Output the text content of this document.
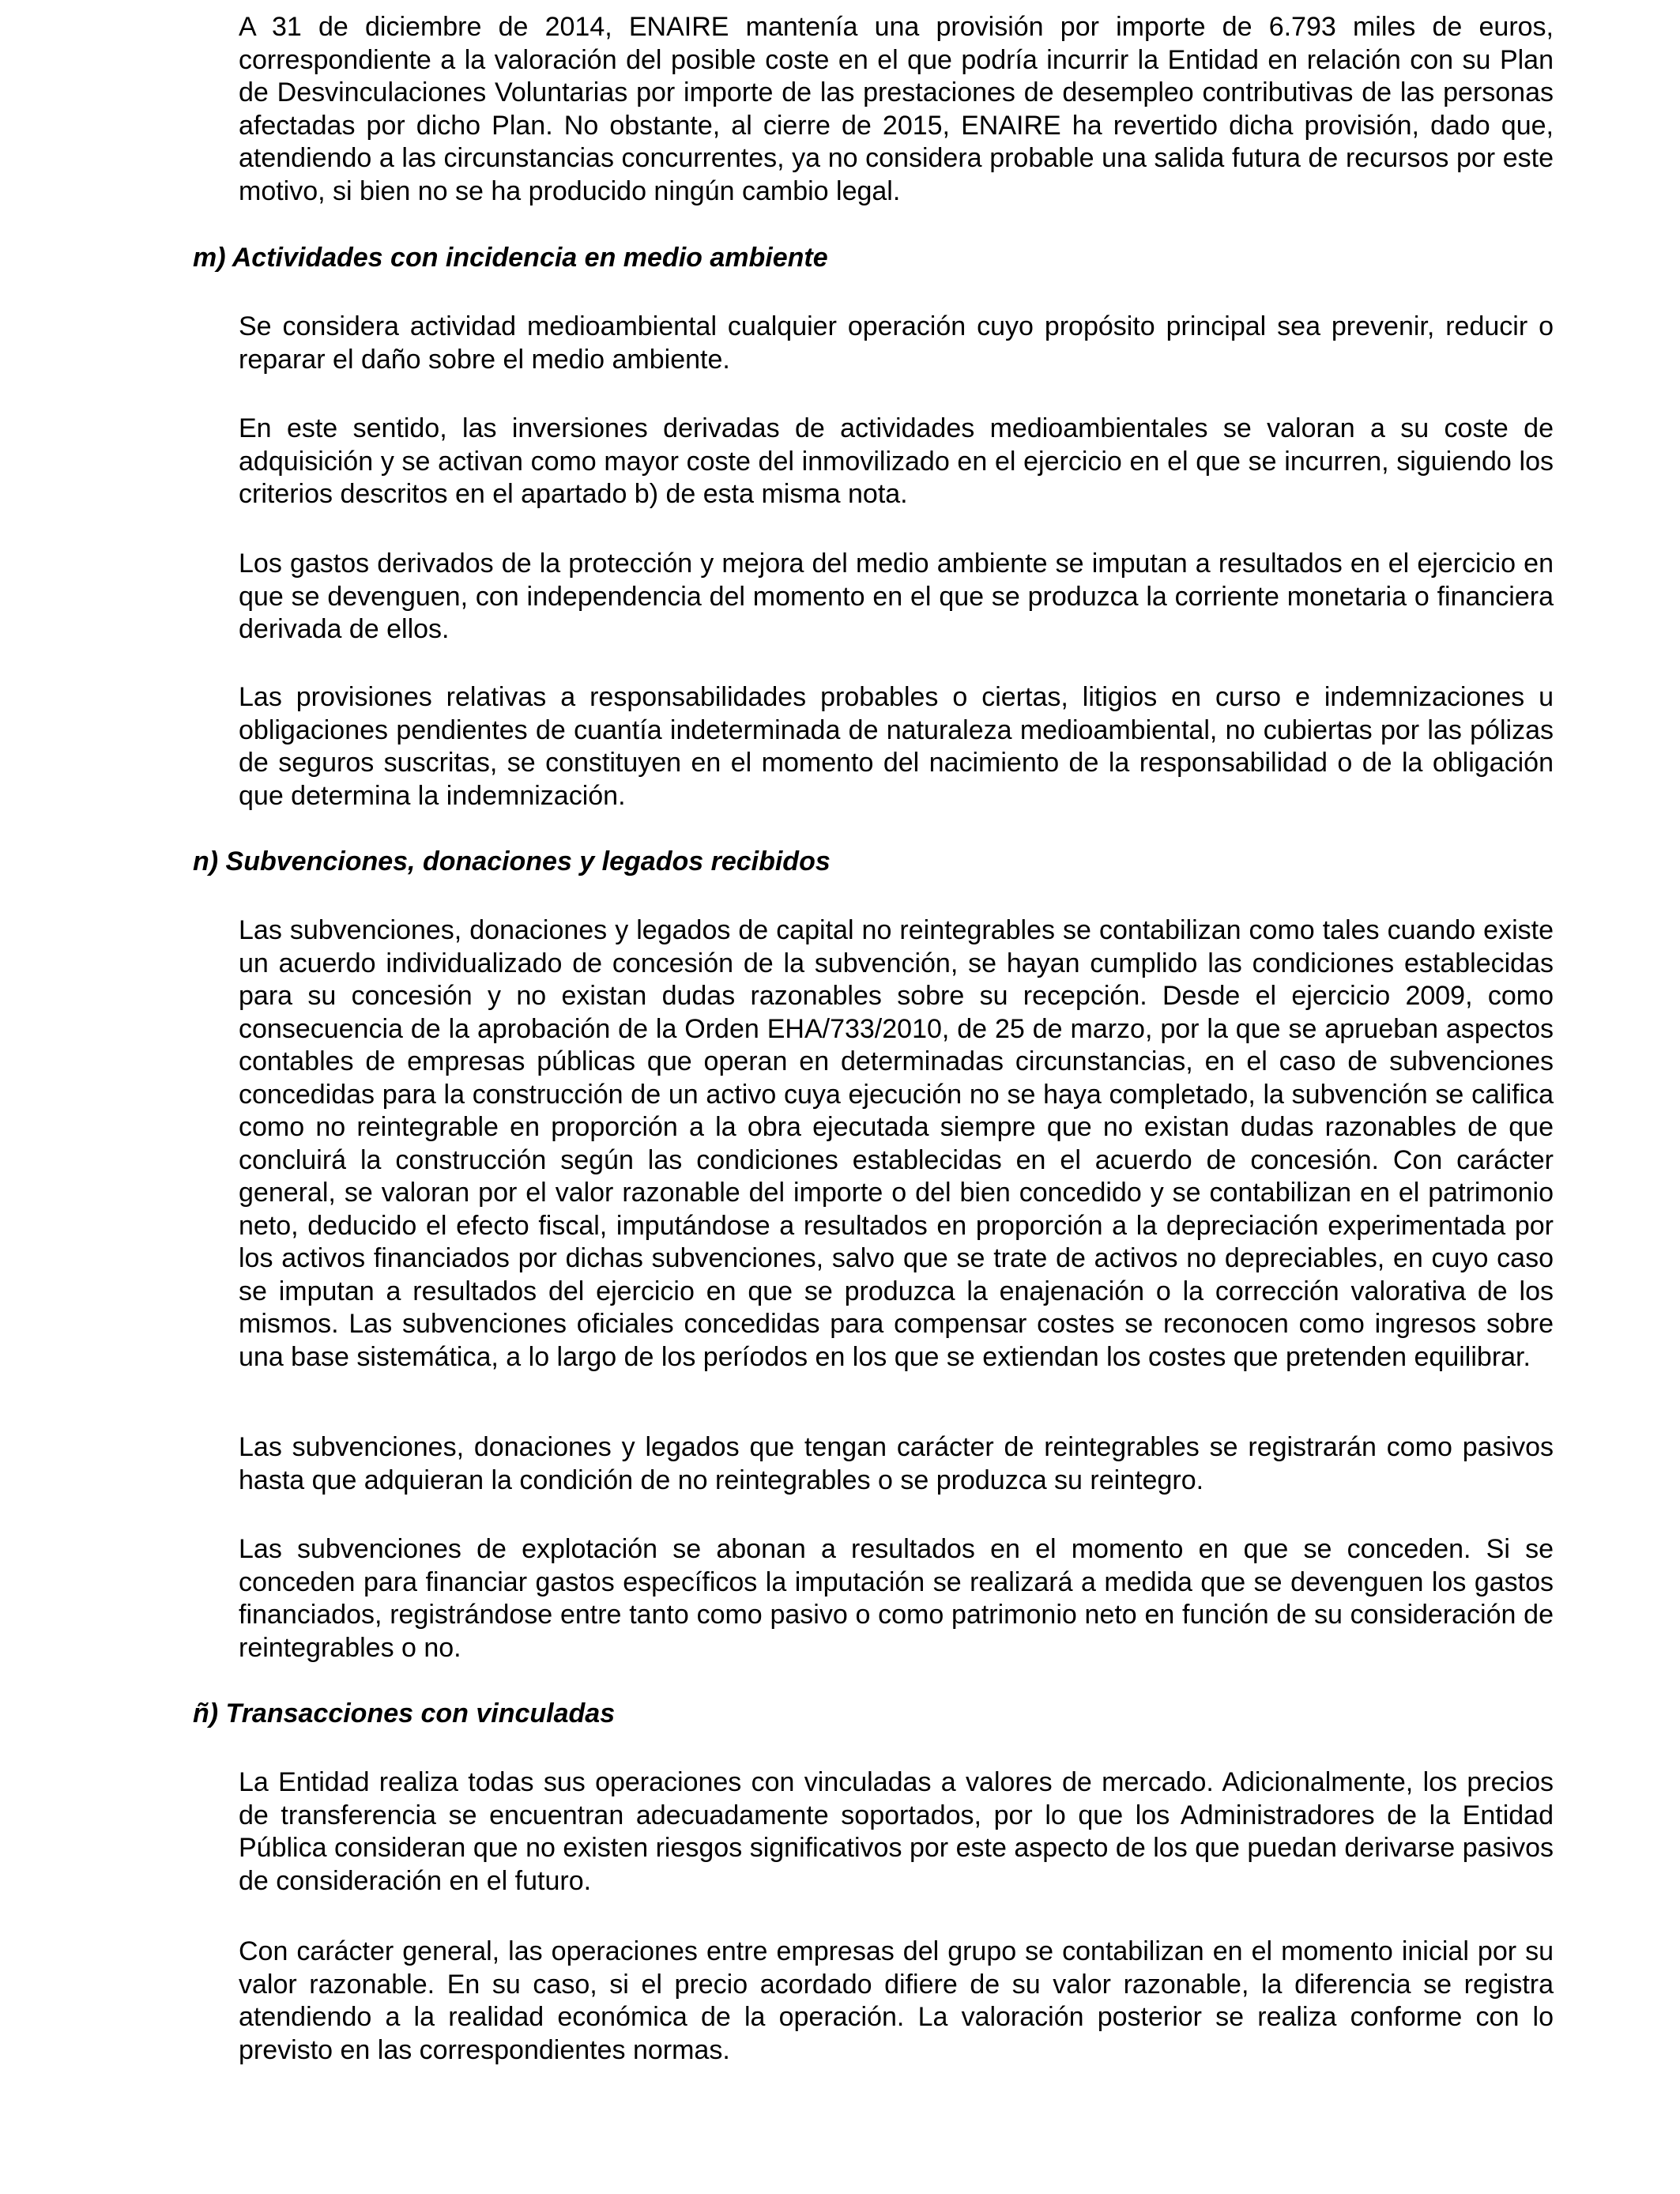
A 31 de diciembre de 2014, ENAIRE mantenía una provisión por importe de 6.793 miles de euros, correspondiente a la valoración del posible coste en el que podría incurrir la Entidad en relación con su Plan de Desvinculaciones Voluntarias por importe de las prestaciones de desempleo contributivas de las personas afectadas por dicho Plan. No obstante, al cierre de 2015, ENAIRE ha revertido dicha provisión, dado que, atendiendo a las circunstancias concurrentes, ya no considera probable una salida futura de recursos por este motivo, si bien no se ha producido ningún cambio legal.

m) Actividades con incidencia en medio ambiente

Se considera actividad medioambiental cualquier operación cuyo propósito principal sea prevenir, reducir o reparar el daño sobre el medio ambiente.

En este sentido, las inversiones derivadas de actividades medioambientales se valoran a su coste de adquisición y se activan como mayor coste del inmovilizado en el ejercicio en el que se incurren, siguiendo los criterios descritos en el apartado b) de esta misma nota.

Los gastos derivados de la protección y mejora del medio ambiente se imputan a resultados en el ejercicio en que se devenguen, con independencia del momento en el que se produzca la corriente monetaria o financiera derivada de ellos.

Las provisiones relativas a responsabilidades probables o ciertas, litigios en curso e indemnizaciones u obligaciones pendientes de cuantía indeterminada de naturaleza medioambiental, no cubiertas por las pólizas de seguros suscritas, se constituyen en el momento del nacimiento de la responsabilidad o de la obligación que determina la indemnización.

n) Subvenciones, donaciones y legados recibidos

Las subvenciones, donaciones y legados de capital no reintegrables se contabilizan como tales cuando existe un acuerdo individualizado de concesión de la subvención, se hayan cumplido las condiciones establecidas para su concesión y no existan dudas razonables sobre su recepción. Desde el ejercicio 2009, como consecuencia de la aprobación de la Orden EHA/733/2010, de 25 de marzo, por la que se aprueban aspectos contables de empresas públicas que operan en determinadas circunstancias, en el caso de subvenciones concedidas para la construcción de un activo cuya ejecución no se haya completado, la subvención se califica como no reintegrable en proporción a la obra ejecutada siempre que no existan dudas razonables de que concluirá la construcción según las condiciones establecidas en el acuerdo de concesión. Con carácter general, se valoran por el valor razonable del importe o del bien concedido y se contabilizan en el patrimonio neto, deducido el efecto fiscal, imputándose a resultados en proporción a la depreciación experimentada por los activos financiados por dichas subvenciones, salvo que se trate de activos no depreciables, en cuyo caso se imputan a resultados del ejercicio en que se produzca la enajenación o la corrección valorativa de los mismos. Las subvenciones oficiales concedidas para compensar costes se reconocen como ingresos sobre una base sistemática, a lo largo de los períodos en los que se extiendan los costes que pretenden equilibrar.

Las subvenciones, donaciones y legados que tengan carácter de reintegrables se registrarán como pasivos hasta que adquieran la condición de no reintegrables o se produzca su reintegro.

Las subvenciones de explotación se abonan a resultados en el momento en que se conceden. Si se conceden para financiar gastos específicos la imputación se realizará a medida que se devenguen los gastos financiados, registrándose entre tanto como pasivo o como patrimonio neto en función de su consideración de reintegrables o no.

ñ) Transacciones con vinculadas

La Entidad realiza todas sus operaciones con vinculadas a valores de mercado. Adicionalmente, los precios de transferencia se encuentran adecuadamente soportados, por lo que los Administradores de la Entidad Pública consideran que no existen riesgos significativos por este aspecto de los que puedan derivarse pasivos de consideración en el futuro.

Con carácter general, las operaciones entre empresas del grupo se contabilizan en el momento inicial por su valor razonable. En su caso, si el precio acordado difiere de su valor razonable, la diferencia se registra atendiendo a la realidad económica de la operación. La valoración posterior se realiza conforme con lo previsto en las correspondientes normas.
